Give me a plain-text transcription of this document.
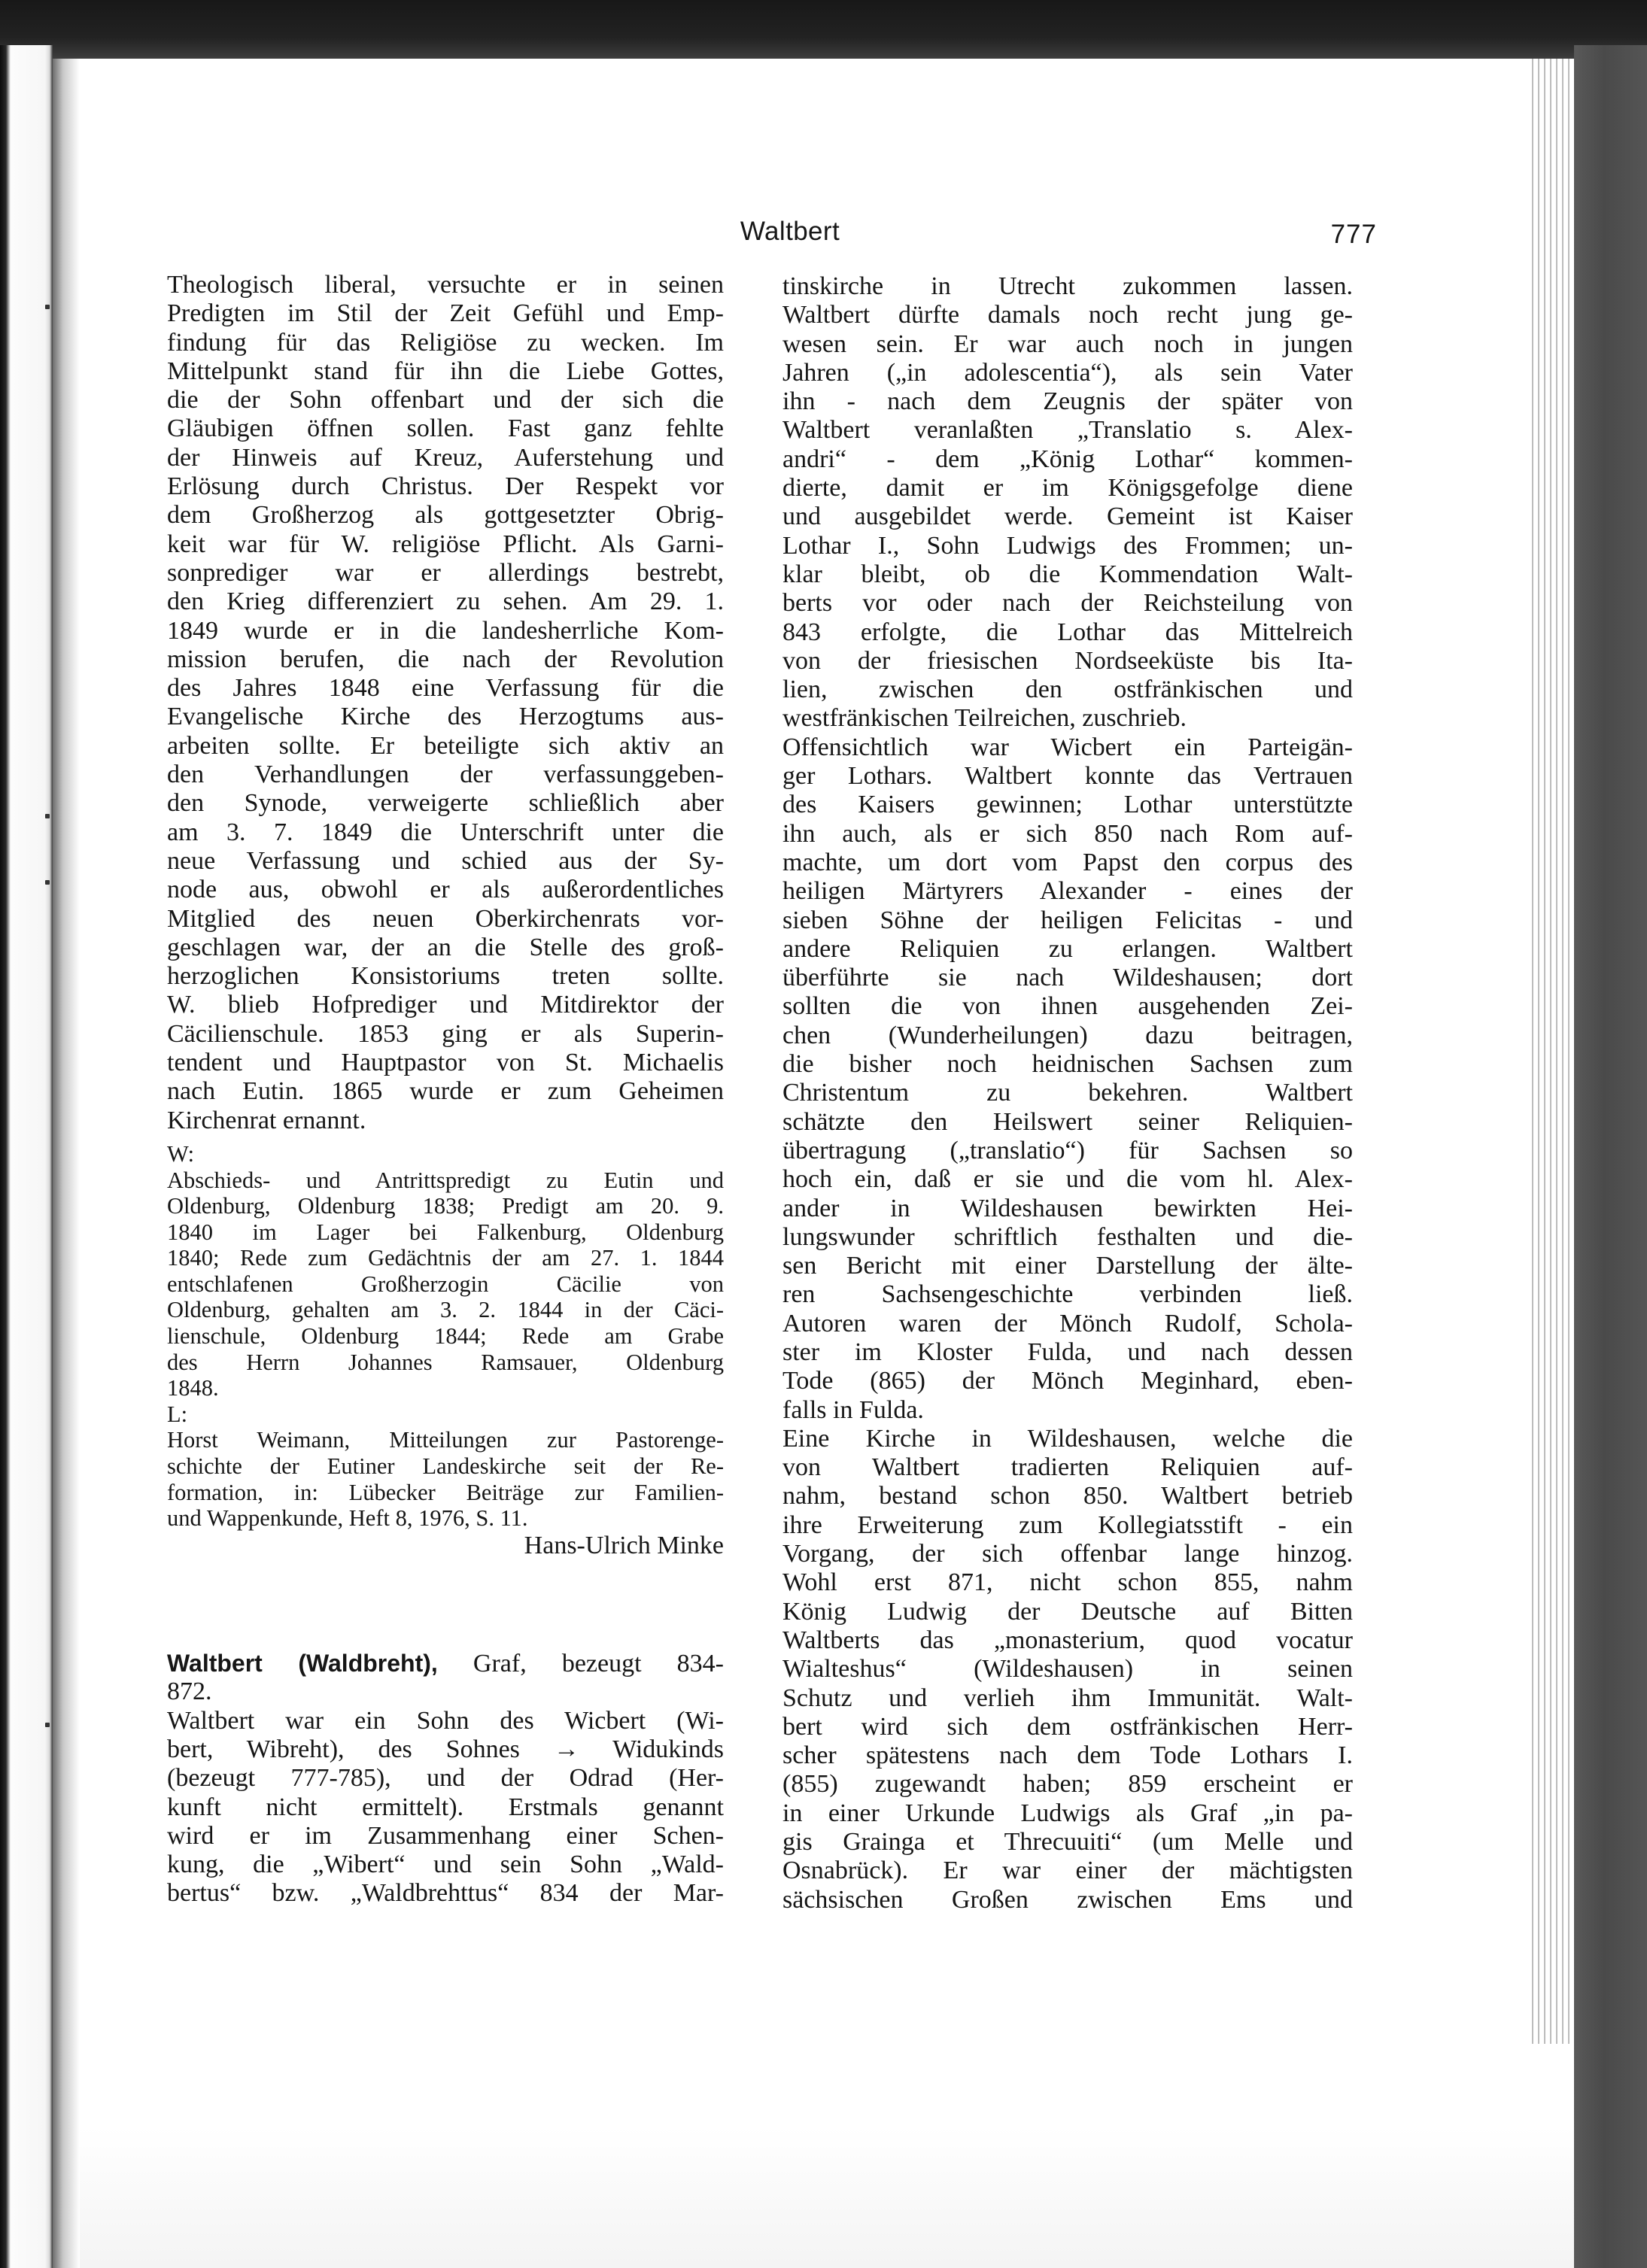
Waltbert	777
Theologisch liberal, versuchte er in seinen
Predigten im Stil der Zeit Gefühl und Emp-
findung für das Religiöse zu wecken. Im
Mittelpunkt stand für ihn die Liebe Gottes,
die der Sohn offenbart und der sich die
Gläubigen öffnen sollen. Fast ganz fehlte
der Hinweis auf Kreuz, Auferstehung und
Erlösung durch Christus. Der Respekt vor
dem Großherzog als gottgesetzter Obrig-
keit war für W. religiöse Pflicht. Als Garni-
sonprediger war er allerdings bestrebt,
den Krieg differenziert zu sehen. Am 29. 1.
1849 wurde er in die landesherrliche Kom-
mission berufen, die nach der Revolution
des Jahres 1848 eine Verfassung für die
Evangelische Kirche des Herzogtums aus-
arbeiten sollte. Er beteiligte sich aktiv an
den Verhandlungen der verfassunggeben-
den Synode, verweigerte schließlich aber
am 3. 7. 1849 die Unterschrift unter die
neue Verfassung und schied aus der Sy-
node aus, obwohl er als außerordentliches
Mitglied des neuen Oberkirchenrats vor-
geschlagen war, der an die Stelle des groß-
herzoglichen Konsistoriums treten sollte.
W. blieb Hofprediger und Mitdirektor der
Cäcilienschule. 1853 ging er als Superin-
tendent und Hauptpastor von St. Michaelis
nach Eutin. 1865 wurde er zum Geheimen
Kirchenrat ernannt.
W:
Abschieds- und Antrittspredigt zu Eutin und
Oldenburg, Oldenburg 1838; Predigt am 20. 9.
1840 im Lager bei Falkenburg, Oldenburg
1840; Rede zum Gedächtnis der am 27. 1. 1844
entschlafenen Großherzogin Cäcilie von
Oldenburg, gehalten am 3. 2. 1844 in der Cäci-
lienschule, Oldenburg 1844; Rede am Grabe
des Herrn Johannes Ramsauer, Oldenburg
1848.
L:
Horst Weimann, Mitteilungen zur Pastorenge-
schichte der Eutiner Landeskirche seit der Re-
formation, in: Lübecker Beiträge zur Familien-
und Wappenkunde, Heft 8, 1976, S. 11.
Hans-Ulrich Minke
Waltbert (Waldbreht), Graf, bezeugt 834-
872.
Waltbert war ein Sohn des Wicbert (Wi-
bert, Wibreht), des Sohnes → Widukinds
(bezeugt 777-785), und der Odrad (Her-
kunft nicht ermittelt). Erstmals genannt
wird er im Zusammenhang einer Schen-
kung, die „Wibert“ und sein Sohn „Wald-
bertus“ bzw. „Waldbrehttus“ 834 der Mar-
tinskirche in Utrecht zukommen lassen.
Waltbert dürfte damals noch recht jung ge-
wesen sein. Er war auch noch in jungen
Jahren („in adolescentia“), als sein Vater
ihn - nach dem Zeugnis der später von
Waltbert veranlaßten „Translatio s. Alex-
andri“ - dem „König Lothar“ kommen-
dierte, damit er im Königsgefolge diene
und ausgebildet werde. Gemeint ist Kaiser
Lothar I., Sohn Ludwigs des Frommen; un-
klar bleibt, ob die Kommendation Walt-
berts vor oder nach der Reichsteilung von
843 erfolgte, die Lothar das Mittelreich
von der friesischen Nordseeküste bis Ita-
lien, zwischen den ostfränkischen und
westfränkischen Teilreichen, zuschrieb.
Offensichtlich war Wicbert ein Parteigän-
ger Lothars. Waltbert konnte das Vertrauen
des Kaisers gewinnen; Lothar unterstützte
ihn auch, als er sich 850 nach Rom auf-
machte, um dort vom Papst den corpus des
heiligen Märtyrers Alexander - eines der
sieben Söhne der heiligen Felicitas - und
andere Reliquien zu erlangen. Waltbert
überführte sie nach Wildeshausen; dort
sollten die von ihnen ausgehenden Zei-
chen (Wunderheilungen) dazu beitragen,
die bisher noch heidnischen Sachsen zum
Christentum zu bekehren. Waltbert
schätzte den Heilswert seiner Reliquien-
übertragung („translatio“) für Sachsen so
hoch ein, daß er sie und die vom hl. Alex-
ander in Wildeshausen bewirkten Hei-
lungswunder schriftlich festhalten und die-
sen Bericht mit einer Darstellung der älte-
ren Sachsengeschichte verbinden ließ.
Autoren waren der Mönch Rudolf, Schola-
ster im Kloster Fulda, und nach dessen
Tode (865) der Mönch Meginhard, eben-
falls in Fulda.
Eine Kirche in Wildeshausen, welche die
von Waltbert tradierten Reliquien auf-
nahm, bestand schon 850. Waltbert betrieb
ihre Erweiterung zum Kollegiatsstift - ein
Vorgang, der sich offenbar lange hinzog.
Wohl erst 871, nicht schon 855, nahm
König Ludwig der Deutsche auf Bitten
Waltberts das „monasterium, quod vocatur
Wialteshus“ (Wildeshausen) in seinen
Schutz und verlieh ihm Immunität. Walt-
bert wird sich dem ostfränkischen Herr-
scher spätestens nach dem Tode Lothars I.
(855) zugewandt haben; 859 erscheint er
in einer Urkunde Ludwigs als Graf „in pa-
gis Grainga et Threcuuiti“ (um Melle und
Osnabrück). Er war einer der mächtigsten
sächsischen Großen zwischen Ems und
